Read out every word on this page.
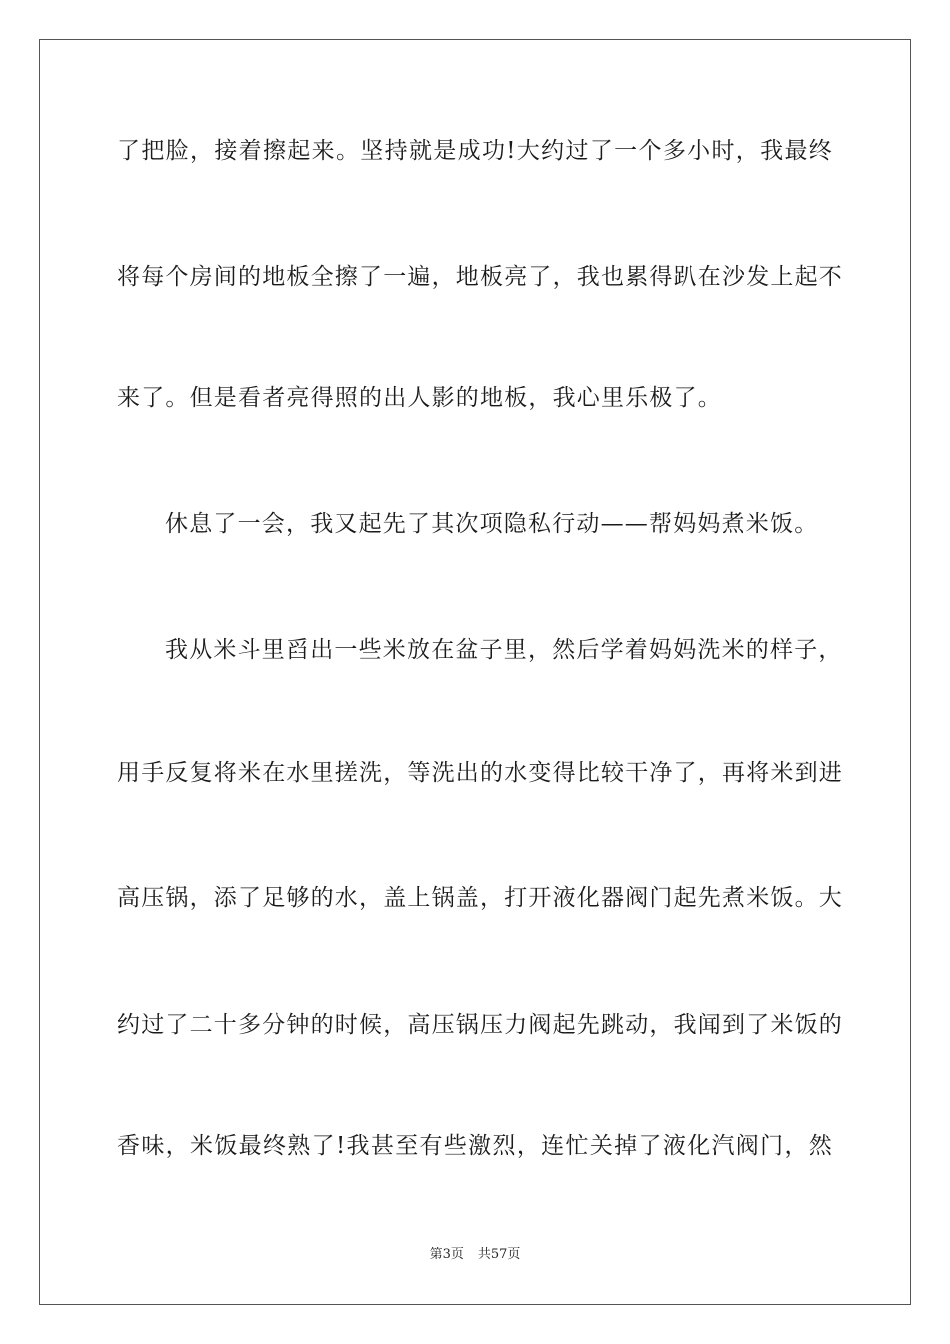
了把脸，接着擦起来。坚持就是成功!大约过了一个多小时，我最终
将每个房间的地板全擦了一遍，地板亮了，我也累得趴在沙发上起不
来了。但是看者亮得照的出人影的地板，我心里乐极了。
休息了一会，我又起先了其次项隐私行动——帮妈妈煮米饭。
我从米斗里舀出一些米放在盆子里，然后学着妈妈洗米的样子，
用手反复将米在水里搓洗，等洗出的水变得比较干净了，再将米到进
高压锅，添了足够的水，盖上锅盖，打开液化器阀门起先煮米饭。大
约过了二十多分钟的时候，高压锅压力阀起先跳动，我闻到了米饭的
香味，米饭最终熟了!我甚至有些激烈，连忙关掉了液化汽阀门，然
第3页 共57页
